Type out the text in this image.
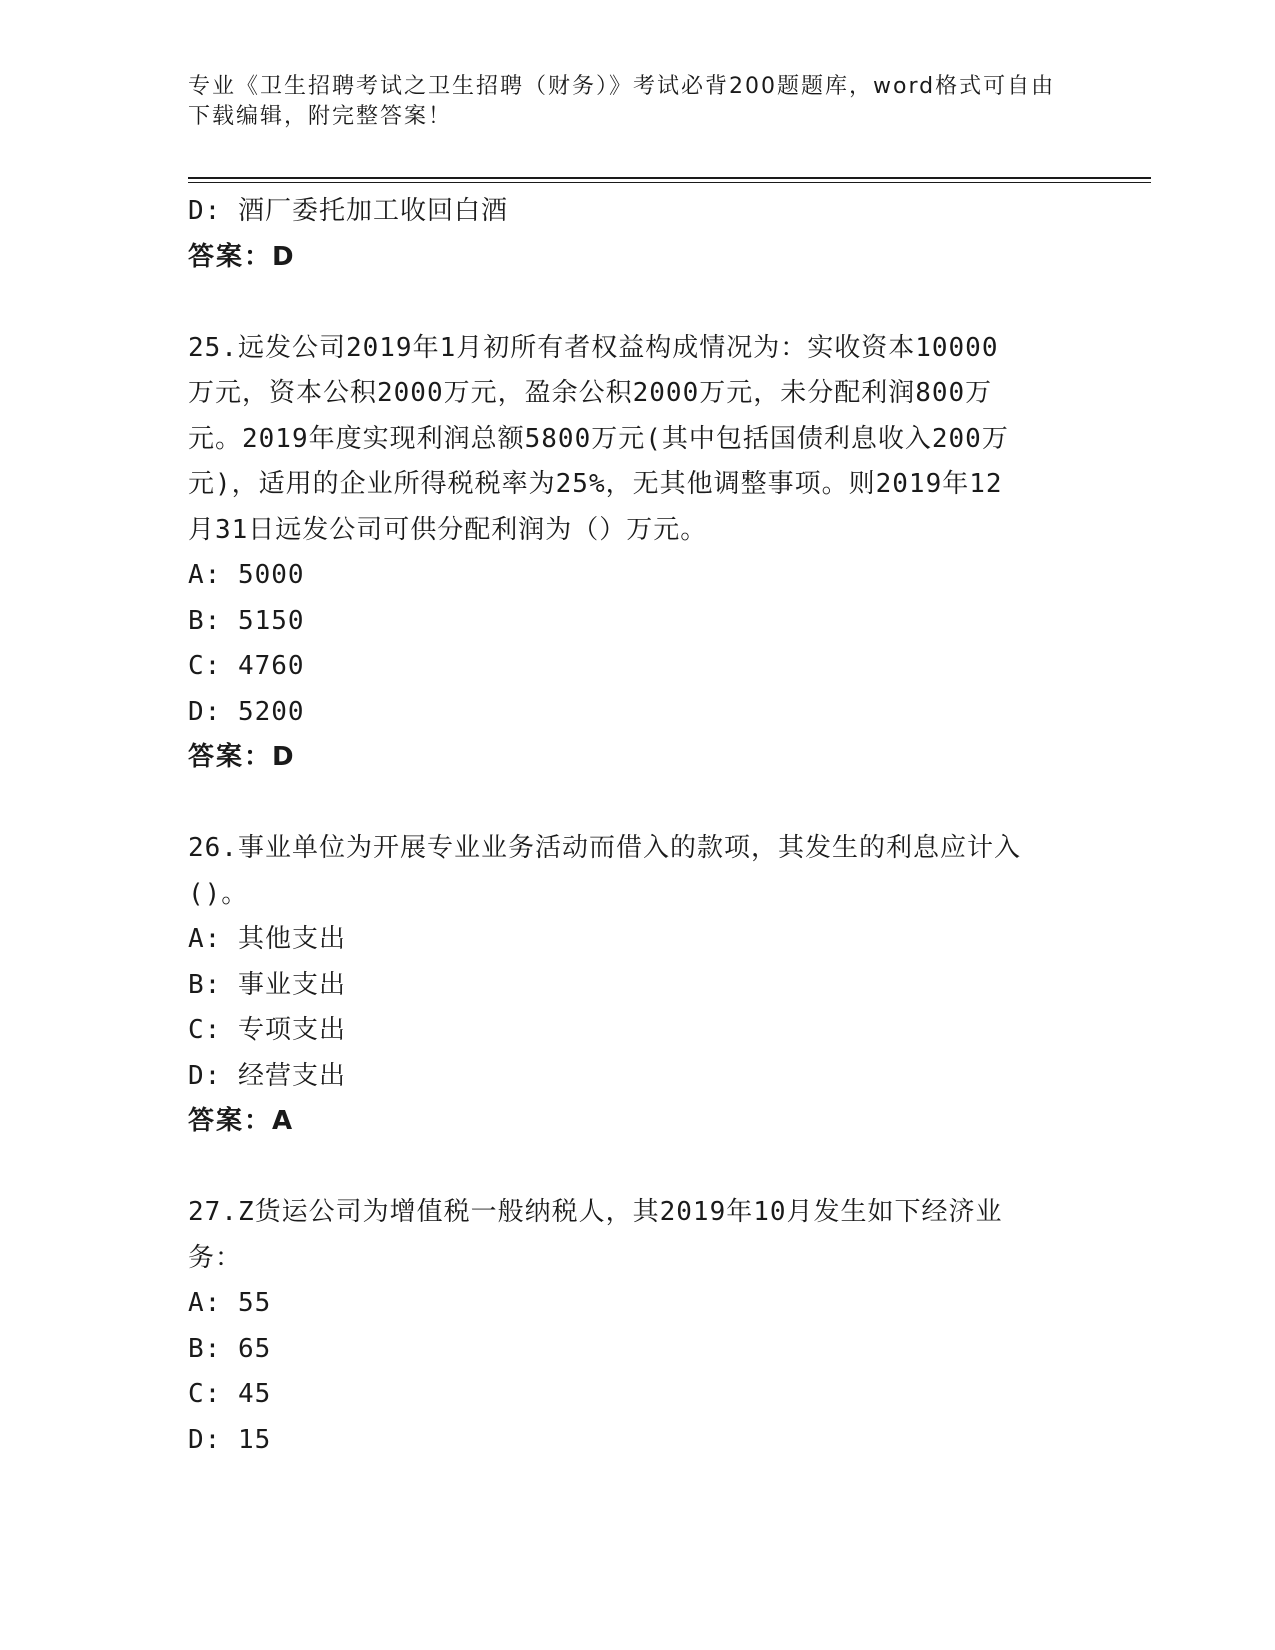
专业《卫生招聘考试之卫生招聘（财务）》考试必背200题题库，word格式可自由下载编辑，附完整答案！
D: 酒厂委托加工收回白酒
答案：D
25.远发公司2019年1月初所有者权益构成情况为：实收资本10000
万元，资本公积2000万元，盈余公积2000万元，未分配利润800万
元。2019年度实现利润总额5800万元(其中包括国债利息收入200万
元)，适用的企业所得税税率为25%，无其他调整事项。则2019年12
月31日远发公司可供分配利润为（）万元。
A: 5000
B: 5150
C: 4760
D: 5200
答案：D
26.事业单位为开展专业业务活动而借入的款项，其发生的利息应计入
()。
A: 其他支出
B: 事业支出
C: 专项支出
D: 经营支出
答案：A
27.Z货运公司为增值税一般纳税人，其2019年10月发生如下经济业
务：
A: 55
B: 65
C: 45
D: 15
